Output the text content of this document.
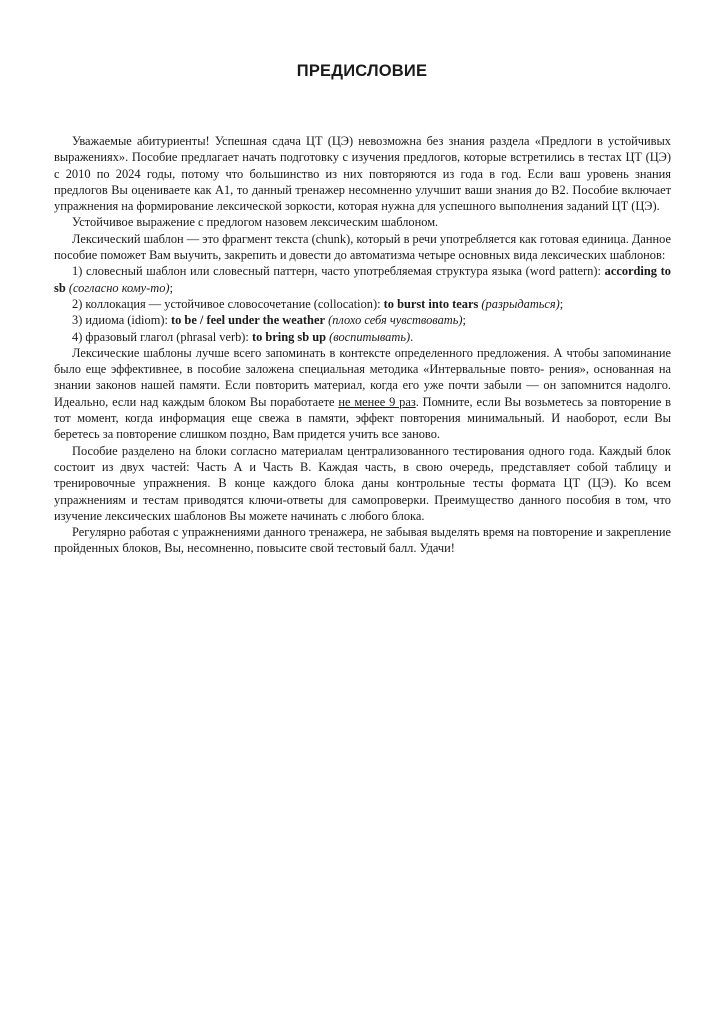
ПРЕДИСЛОВИЕ

Уважаемые абитуриенты! Успешная сдача ЦТ (ЦЭ) невозможна без знания раздела «Предлоги в устойчивых выражениях». Пособие предлагает начать подготовку с изучения предлогов, которые встретились в тестах ЦТ (ЦЭ) с 2010 по 2024 годы, потому что большинство из них повторяются из года в год. Если ваш уровень знания предлогов Вы оцениваете как А1, то данный тренажер несомненно улучшит ваши знания до В2. Пособие включает упражнения на формирование лексической зоркости, которая нужна для успешного выполнения заданий ЦТ (ЦЭ).

Устойчивое выражение с предлогом назовем лексическим шаблоном.

Лексический шаблон — это фрагмент текста (chunk), который в речи употребляется как готовая единица. Данное пособие поможет Вам выучить, закрепить и довести до автоматизма четыре основных вида лексических шаблонов:

1) словесный шаблон или словесный паттерн, часто употребляемая структура языка (word pattern): according to sb (согласно кому-то);

2) коллокация — устойчивое словосочетание (collocation): to burst into tears (разрыдаться);

3) идиома (idiom): to be / feel under the weather (плохо себя чувствовать);

4) фразовый глагол (phrasal verb): to bring sb up (воспитывать).

Лексические шаблоны лучше всего запоминать в контексте определенного предложения. А чтобы запоминание было еще эффективнее, в пособие заложена специальная методика «Интервальные повто- рения», основанная на знании законов нашей памяти. Если повторить материал, когда его уже почти забыли — он запомнится надолго. Идеально, если над каждым блоком Вы поработаете не менее 9 раз. Помните, если Вы возьметесь за повторение в тот момент, когда информация еще свежа в памяти, эффект повторения минимальный. И наоборот, если Вы беретесь за повторение слишком поздно, Вам придется учить все заново.

Пособие разделено на блоки согласно материалам централизованного тестирования одного года. Каждый блок состоит из двух частей: Часть А и Часть В. Каждая часть, в свою очередь, представляет собой таблицу и тренировочные упражнения. В конце каждого блока даны контрольные тесты формата ЦТ (ЦЭ). Ко всем упражнениям и тестам приводятся ключи-ответы для самопроверки. Преимущество данного пособия в том, что изучение лексических шаблонов Вы можете начинать с любого блока.

Регулярно работая с упражнениями данного тренажера, не забывая выделять время на повторение и закрепление пройденных блоков, Вы, несомненно, повысите свой тестовый балл. Удачи!
